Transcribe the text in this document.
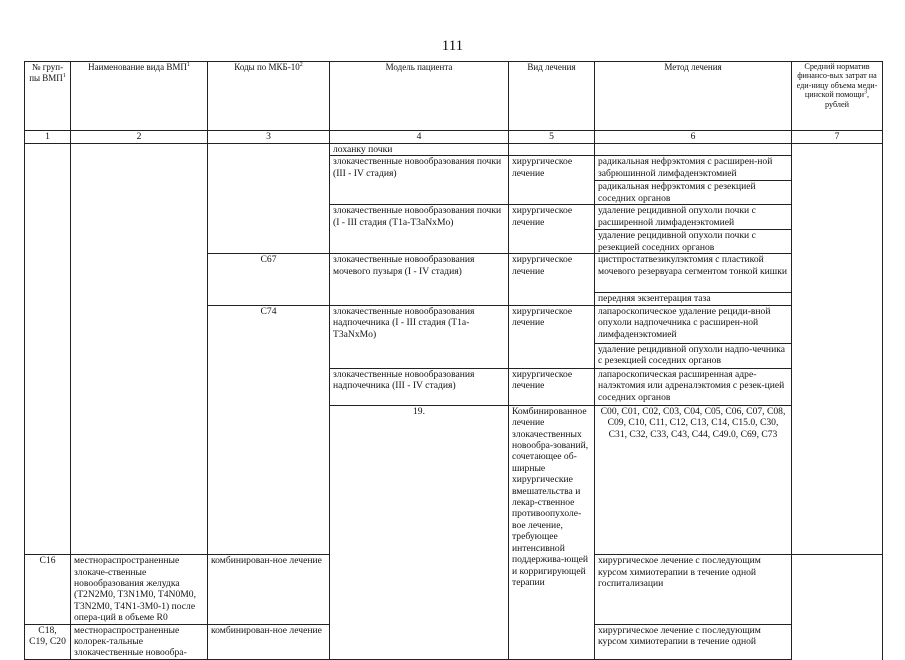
111
№ груп- пы ВМП$^1$	Наименование вида ВМП$^1$	Коды по МКБ-$10^2$	Модель пациента	Вид лечения	Метод лечения	Средний норматив финансо-вых затрат на еди-ницу объема меди-цинской помощи$^3$, рублей	
1	2	3	4	5	6	7	
			лоханку почки				
			злокачественные новообразования почки (III - IV стадия)	хирургическое лечение	радикальная нефрэктомия с расширен-ной забрюшинной лимфаденэктомией		
					радикальная нефрэктомия с резекцией соседних органов		
			злокачественные новообразования почки (I - III стадия (T1a-T3aNxMo)	хирургическое лечение	удаление рецидивной опухоли почки с расширенной лимфаденэктомией		
					удаление рецидивной опухоли почки с резекцией соседних органов		
		C67	злокачественные новообразования мочевого пузыря (I - IV стадия)	хирургическое лечение	цистпростатвезикулэктомия с пластикой мочевого резервуара сегментом тонкой кишки		
					передняя экзентерация таза		
		C74	злокачественные новообразования надпочечника (I - III стадия (T1a-T3aNxMo)	хирургическое лечение	лапароскопическое удаление рециди-вной опухоли надпочечника с расширен-ной лимфаденэктомией		
					удаление рецидивной опухоли надпо-чечника с резекцией соседних органов		
			злокачественные новообразования надпочечника (III - IV стадия)	хирургическое лечение	лапароскопическая расширенная адре-налэктомия или адреналэктомия с резек-цией соседних органов		
			19.	Комбинированное лечение злокачественных новообра-зований, сочетающее об-ширные хирургические вмешательства и лекар-ственное противоопухоле-вое лечение, требующее интенсивной поддержива-ющей и корригирующей терапии	C00, C01, C02, C03, C04, C05, C06, C07, C08, C09, C10, C11, C12, C13, C14, C15.0, C30, C31, C32, C33, C43, C44, C49.0, C69, C73				
C16	местнораспространенные злокаче-ственные новообразования желудка (T2N2M0, T3N1M0, T4N0M0, T3N2M0, T4N1-3M0-1) после опера-ций в объеме R0	комбинирован-ное лечение			хирургическое лечение с последующим курсом химиотерапии в течение одной госпитализации		
C18, C19, C20	местнораспространенные колорек-тальные злокачественные новообра-	комбинирован-ное лечение			хирургическое лечение с последующим курсом химиотерапии в течение одной		
